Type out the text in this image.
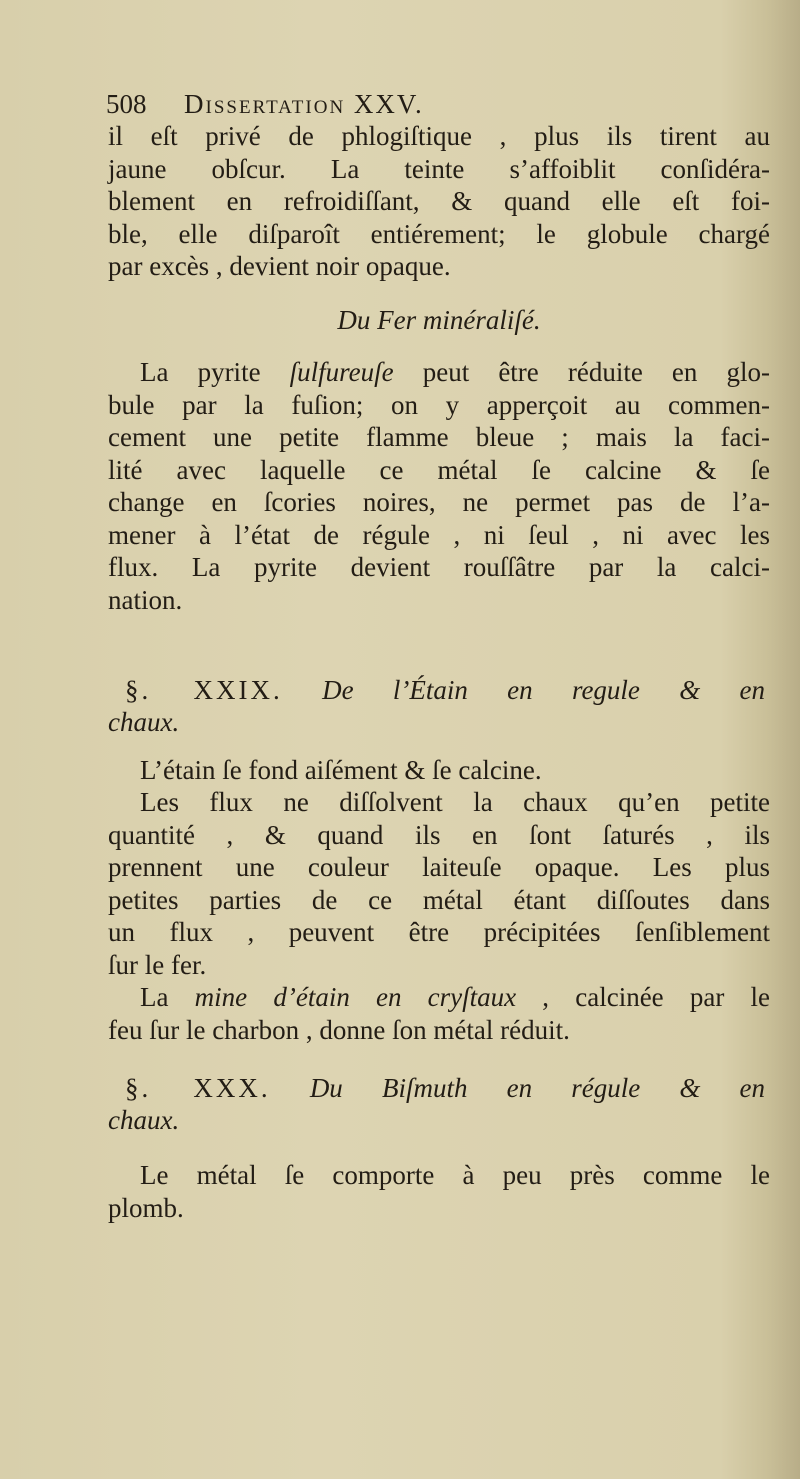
508 Dissertation XXV.
il eſt privé de phlogiſtique , plus ils tirent au
jaune obſcur. La teinte s’affoiblit conſidéra-
blement en refroidiſſant, & quand elle eſt foi-
ble, elle diſparoît entiérement; le globule chargé
par excès , devient noir opaque.
Du Fer minéraliſé.
La pyrite ſulfureuſe peut être réduite en glo-
bule par la fuſion; on y apperçoit au commen-
cement une petite flamme bleue ; mais la faci-
lité avec laquelle ce métal ſe calcine & ſe
change en ſcories noires, ne permet pas de l’a-
mener à l’état de régule , ni ſeul , ni avec les
flux. La pyrite devient rouſſâtre par la calci-
nation.
§. XXIX. De l’Étain en regule & en
chaux.
L’étain ſe fond aiſément & ſe calcine.
Les flux ne diſſolvent la chaux qu’en petite
quantité , & quand ils en ſont ſaturés , ils
prennent une couleur laiteuſe opaque. Les plus
petites parties de ce métal étant diſſoutes dans
un flux , peuvent être précipitées ſenſiblement
ſur le fer.
La mine d’étain en cryſtaux , calcinée par le
feu ſur le charbon , donne ſon métal réduit.
§. XXX. Du Biſmuth en régule & en
chaux.
Le métal ſe comporte à peu près comme le
plomb.
